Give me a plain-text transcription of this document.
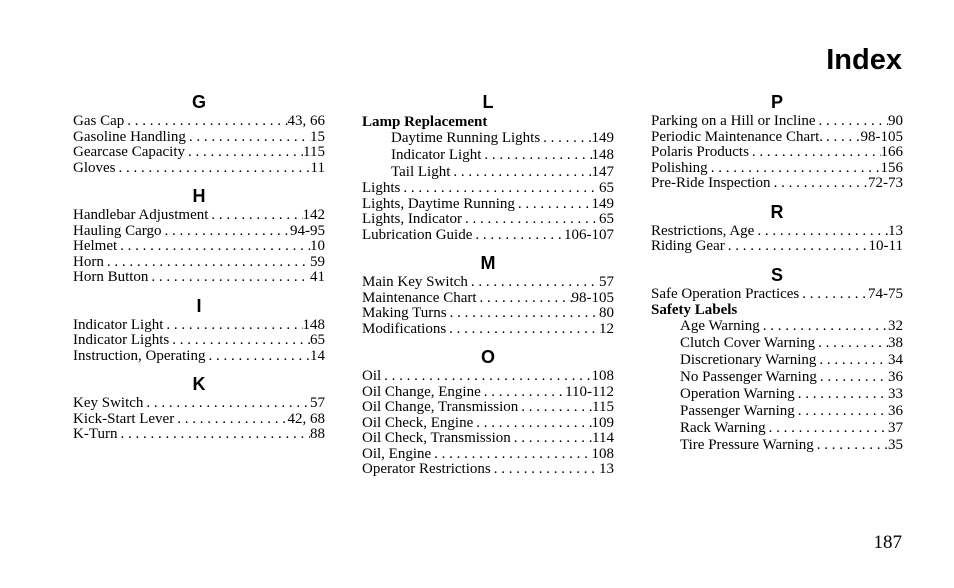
Index
G
Gas Cap . . .	43, 66
Gasoline Handling . . .	15
Gearcase Capacity . . .	115
Gloves . . .	11
H
Handlebar Adjustment . . .	142
Hauling Cargo . . .	94-95
Helmet . . .	10
Horn . . .	59
Horn Button . . .	41
I
Indicator Light . . .	148
Indicator Lights . . .	65
Instruction, Operating . . .	14
K
Key Switch . . .	57
Kick-Start Lever . . .	42, 68
K-Turn . . .	88
L
Lamp Replacement
Daytime Running Lights . . .	149
Indicator Light . . .	148
Tail Light . . .	147
Lights . . .	65
Lights, Daytime Running . . .	149
Lights, Indicator . . .	65
Lubrication Guide . . .	106-107
M
Main Key Switch . . .	57
Maintenance Chart . . .	98-105
Making Turns . . .	80
Modifications . . .	12
O
Oil . . .	108
Oil Change, Engine . . .	110-112
Oil Change, Transmission . . .	115
Oil Check, Engine . . .	109
Oil Check, Transmission . . .	114
Oil, Engine . . .	108
Operator Restrictions . . .	13
P
Parking on a Hill or Incline . . .	90
Periodic Maintenance Chart. . . . 98-105
Polaris Products . . .	166
Polishing . . .	156
Pre-Ride Inspection . . .	72-73
R
Restrictions, Age . . .	13
Riding Gear . . .	10-11
S
Safe Operation Practices . . .	74-75
Safety Labels
Age Warning . . .	32
Clutch Cover Warning . . .	38
Discretionary Warning . . .	34
No Passenger Warning . . .	36
Operation Warning . . .	33
Passenger Warning . . .	36
Rack Warning . . .	37
Tire Pressure Warning . . .	35
187
